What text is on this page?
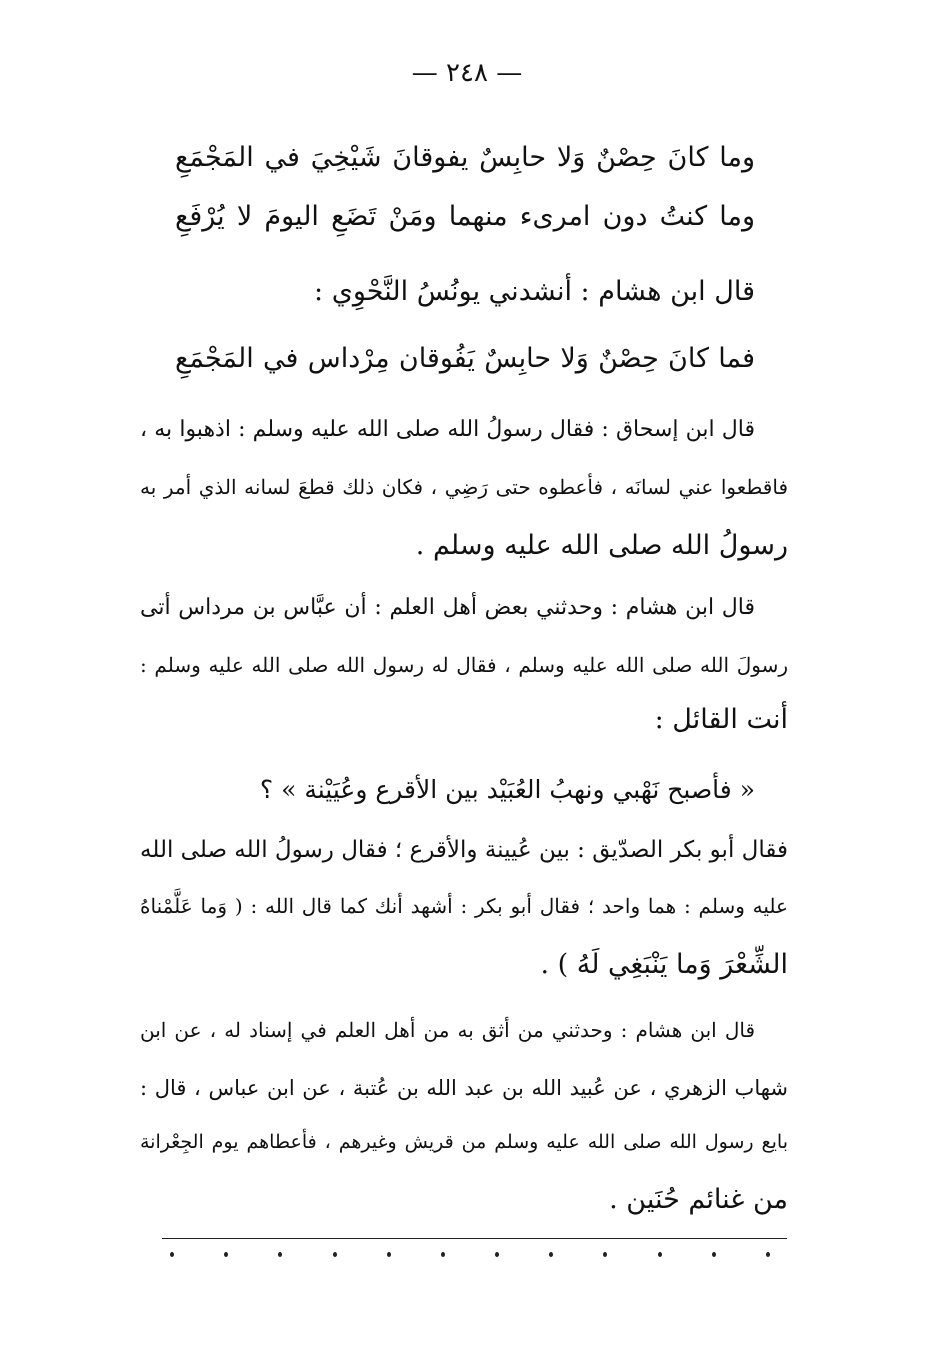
— ٢٤٨ —
وما كانَ حِصْنٌ وَلا حابِسٌ يفوقانَ شَيْخِيَ في المَجْمَعِ
وما كنتُ دون امرىء منهما ومَنْ تَضَعِ اليومَ لا يُرْفَعِ
قال ابن هشام : أنشدني يونُسُ النَّحْوِي :
فما كانَ حِصْنٌ وَلا حابِسٌ يَفُوقان مِرْداس في المَجْمَعِ
قال ابن إسحاق : فقال رسولُ الله صلى الله عليه وسلم : اذهبوا به ،
فاقطعوا عني لسانَه ، فأعطوه حتى رَضِي ، فكان ذلك قطعَ لسانه الذي أمر به
رسولُ الله صلى الله عليه وسلم .
قال ابن هشام : وحدثني بعض أهل العلم : أن عبَّاس بن مرداس أتى
رسولَ الله صلى الله عليه وسلم ، فقال له رسول الله صلى الله عليه وسلم :
أنت القائل :
« فأصبح نَهْبي ونهبُ العُبَيْد بين الأقرع وعُيَيْنة » ؟
فقال أبو بكر الصدّيق : بين عُيينة والأقرع ؛ فقال رسولُ الله صلى الله
عليه وسلم : هما واحد ؛ فقال أبو بكر : أشهد أنك كما قال الله : ( وَما عَلَّمْناهُ
الشِّعْرَ وَما يَنْبَغِي لَهُ ) .
قال ابن هشام : وحدثني من أثق به من أهل العلم في إسناد له ، عن ابن
شهاب الزهري ، عن عُبيد الله بن عبد الله بن عُتبة ، عن ابن عباس ، قال :
بايع رسول الله صلى الله عليه وسلم من قريش وغيرهم ، فأعطاهم يوم الجِعْرانة
من غنائم حُنَين .
